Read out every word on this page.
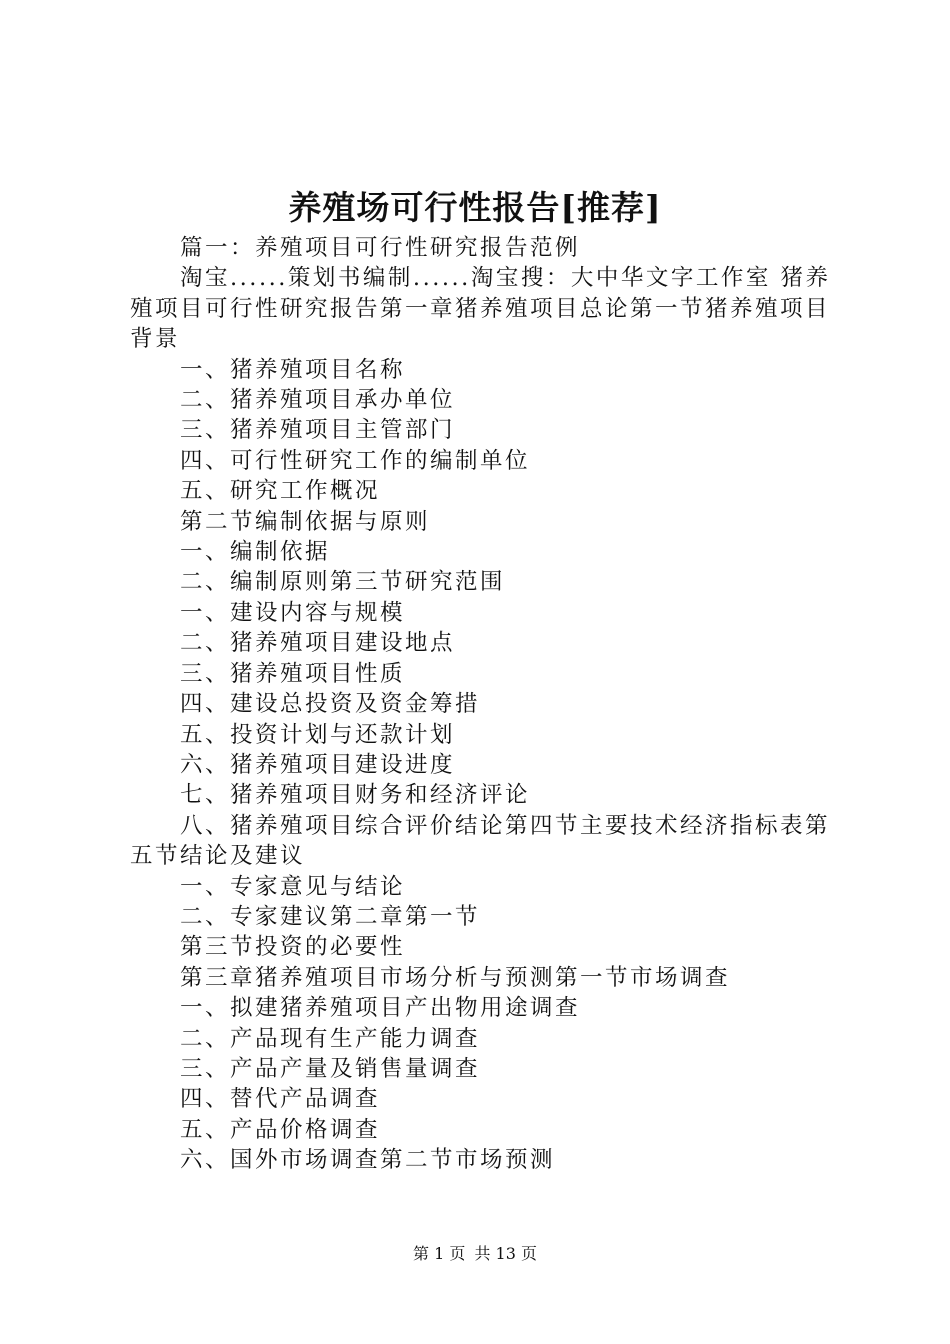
养殖场可行性报告[推荐]

篇一：养殖项目可行性研究报告范例

淘宝......策划书编制......淘宝搜：大中华文字工作室 猪养殖项目可行性研究报告第一章猪养殖项目总论第一节猪养殖项目背景

一、猪养殖项目名称

二、猪养殖项目承办单位

三、猪养殖项目主管部门

四、可行性研究工作的编制单位

五、研究工作概况

第二节编制依据与原则

一、编制依据

二、编制原则第三节研究范围

一、建设内容与规模

二、猪养殖项目建设地点

三、猪养殖项目性质

四、建设总投资及资金筹措

五、投资计划与还款计划

六、猪养殖项目建设进度

七、猪养殖项目财务和经济评论

八、猪养殖项目综合评价结论第四节主要技术经济指标表第五节结论及建议

一、专家意见与结论

二、专家建议第二章第一节

第三节投资的必要性

第三章猪养殖项目市场分析与预测第一节市场调查

一、拟建猪养殖项目产出物用途调查

二、产品现有生产能力调查

三、产品产量及销售量调查

四、替代产品调查

五、产品价格调查

六、国外市场调查第二节市场预测

第 1 页 共 13 页
